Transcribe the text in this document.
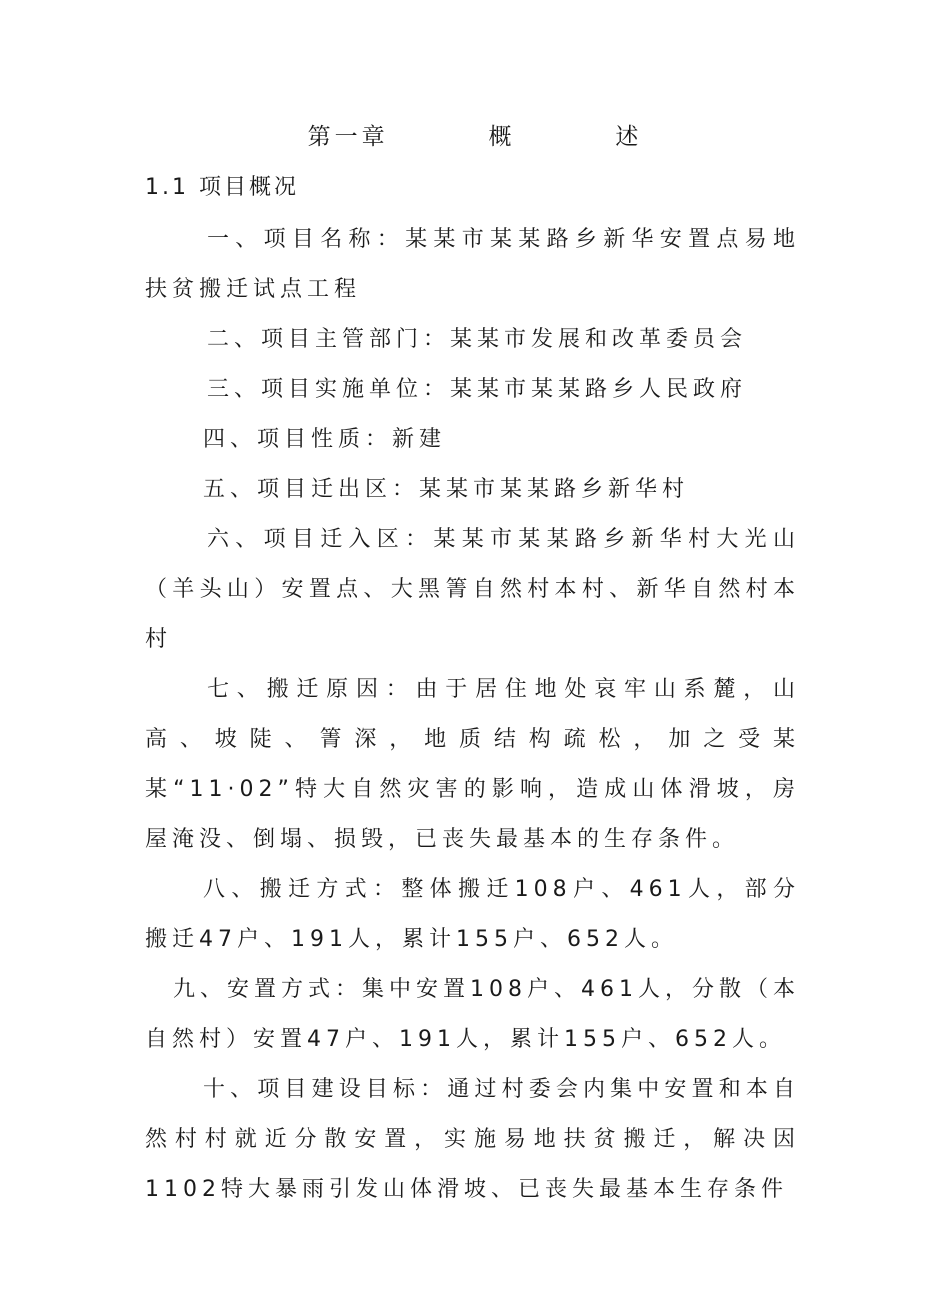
第一章   概   述
1.1 项目概况

一、项目名称：某某市某某路乡新华安置点易地扶贫搬迁试点工程

二、项目主管部门：某某市发展和改革委员会

三、项目实施单位：某某市某某路乡人民政府

四、项目性质：新建

五、项目迁出区：某某市某某路乡新华村

六、项目迁入区：某某市某某路乡新华村大光山（羊头山）安置点、大黑箐自然村本村、新华自然村本村

七、搬迁原因：由于居住地处哀牢山系麓，山高、坡陡、箐深，地质结构疏松，加之受某某“11·02”特大自然灾害的影响，造成山体滑坡，房屋淹没、倒塌、损毁，已丧失最基本的生存条件。

八、搬迁方式：整体搬迁108户、461人，部分搬迁47户、191人，累计155户、652人。

九、安置方式：集中安置108户、461人，分散（本自然村）安置47户、191人，累计155户、652人。

十、项目建设目标：通过村委会内集中安置和本自然村村就近分散安置，实施易地扶贫搬迁，解决因1102特大暴雨引发山体滑坡、已丧失最基本生存条件
